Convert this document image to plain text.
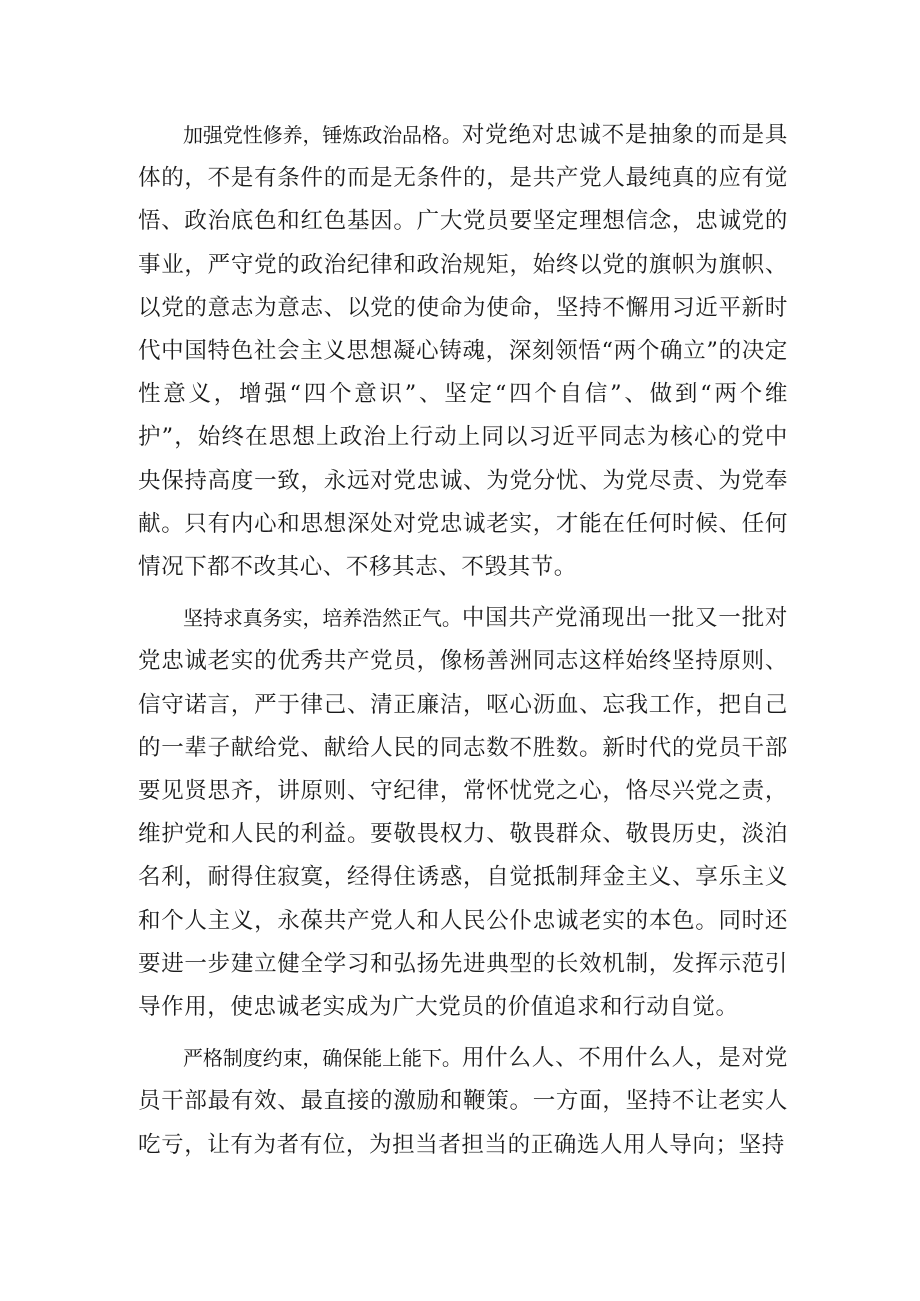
加强党性修养，锤炼政治品格。对党绝对忠诚不是抽象的而是具体的，不是有条件的而是无条件的，是共产党人最纯真的应有觉悟、政治底色和红色基因。广大党员要坚定理想信念，忠诚党的事业，严守党的政治纪律和政治规矩，始终以党的旗帜为旗帜、以党的意志为意志、以党的使命为使命，坚持不懈用习近平新时代中国特色社会主义思想凝心铸魂，深刻领悟“两个确立”的决定性意义，增强“四个意识”、坚定“四个自信”、做到“两个维护”，始终在思想上政治上行动上同以习近平同志为核心的党中央保持高度一致，永远对党忠诚、为党分忧、为党尽责、为党奉献。只有内心和思想深处对党忠诚老实，才能在任何时候、任何情况下都不改其心、不移其志、不毁其节。

坚持求真务实，培养浩然正气。中国共产党涌现出一批又一批对党忠诚老实的优秀共产党员，像杨善洲同志这样始终坚持原则、信守诺言，严于律己、清正廉洁，呕心沥血、忘我工作，把自己的一辈子献给党、献给人民的同志数不胜数。新时代的党员干部要见贤思齐，讲原则、守纪律，常怀忧党之心，恪尽兴党之责，维护党和人民的利益。要敬畏权力、敬畏群众、敬畏历史，淡泊名利，耐得住寂寞，经得住诱惑，自觉抵制拜金主义、享乐主义和个人主义，永葆共产党人和人民公仆忠诚老实的本色。同时还要进一步建立健全学习和弘扬先进典型的长效机制，发挥示范引导作用，使忠诚老实成为广大党员的价值追求和行动自觉。

严格制度约束，确保能上能下。用什么人、不用什么人，是对党员干部最有效、最直接的激励和鞭策。一方面，坚持不让老实人吃亏，让有为者有位，为担当者担当的正确选人用人导向；坚持
